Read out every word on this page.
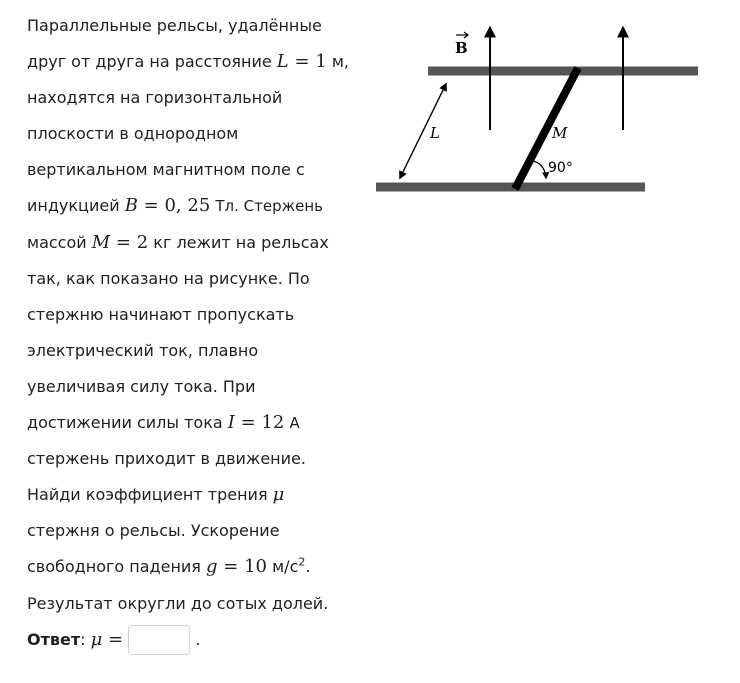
Параллельные рельсы, удалённые
друг от друга на расстояние L = 1 м,
находятся на горизонтальной
плоскости в однородном
вертикальном магнитном поле с
индукцией B = 0, 25 Тл. Стержень
массой M = 2 кг лежит на рельсах
так, как показано на рисунке. По
стержню начинают пропускать
электрический ток, плавно
увеличивая силу тока. При
достижении силы тока I = 12 А
стержень приходит в движение.
Найди коэффициент трения μ
стержня о рельсы. Ускорение
свободного падения g = 10 $м/с^2$.
Результат округли до сотых долей.
Ответ: μ =	.
B
L	M
90°
